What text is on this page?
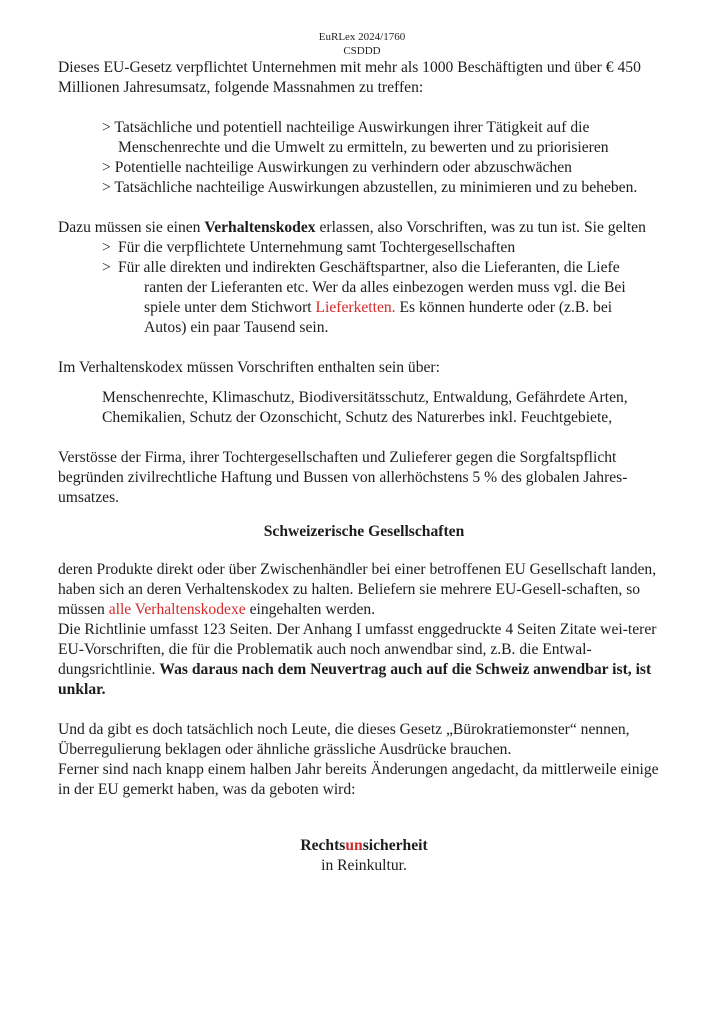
EuRLex 2024/1760
CSDDD

Dieses EU-Gesetz verpflichtet Unternehmen mit mehr als 1000 Beschäftigten und über € 450 Millionen Jahresumsatz, folgende Massnahmen zu treffen:

> Tatsächliche und potentiell nachteilige Auswirkungen ihrer Tätigkeit auf die Menschenrechte und die Umwelt zu ermitteln, zu bewerten und zu priorisieren
> Potentielle nachteilige Auswirkungen zu verhindern oder abzuschwächen
> Tatsächliche nachteilige Auswirkungen abzustellen, zu minimieren und zu beheben.

Dazu müssen sie einen Verhaltenskodex erlassen, also Vorschriften, was zu tun ist. Sie gelten

> Für die verpflichtete Unternehmung samt Tochtergesellschaften
> Für alle direkten und indirekten Geschäftspartner, also die Lieferanten, die Liefe ranten der Lieferanten etc. Wer da alles einbezogen werden muss vgl. die Bei spiele unter dem Stichwort Lieferketten. Es können hunderte oder (z.B. bei Autos) ein paar Tausend sein.

Im Verhaltenskodex müssen Vorschriften enthalten sein über:

Menschenrechte, Klimaschutz, Biodiversitätsschutz, Entwaldung, Gefährdete Arten, Chemikalien, Schutz der Ozonschicht, Schutz des Naturerbes inkl. Feuchtgebiete,

Verstösse der Firma, ihrer Tochtergesellschaften und Zulieferer gegen die Sorgfaltspflicht begründen zivilrechtliche Haftung und Bussen von allerhöchstens 5 % des globalen Jahres-umsatzes.

Schweizerische Gesellschaften

deren Produkte direkt oder über Zwischenhändler bei einer betroffenen EU Gesellschaft landen, haben sich an deren Verhaltenskodex zu halten. Beliefern sie mehrere EU-Gesell-schaften, so müssen alle Verhaltenskodexe eingehalten werden.

Die Richtlinie umfasst 123 Seiten. Der Anhang I umfasst enggedruckte 4 Seiten Zitate wei-terer EU-Vorschriften, die für die Problematik auch noch anwendbar sind, z.B. die Entwal-dungsrichtlinie. Was daraus nach dem Neuvertrag auch auf die Schweiz anwendbar ist, ist unklar.

Und da gibt es doch tatsächlich noch Leute, die dieses Gesetz „Bürokratiemonster“ nennen, Überregulierung beklagen oder ähnliche grässliche Ausdrücke brauchen.

Ferner sind nach knapp einem halben Jahr bereits Änderungen angedacht, da mittlerweile einige in der EU gemerkt haben, was da geboten wird:

Rechtsunsicherheit
in Reinkultur.
